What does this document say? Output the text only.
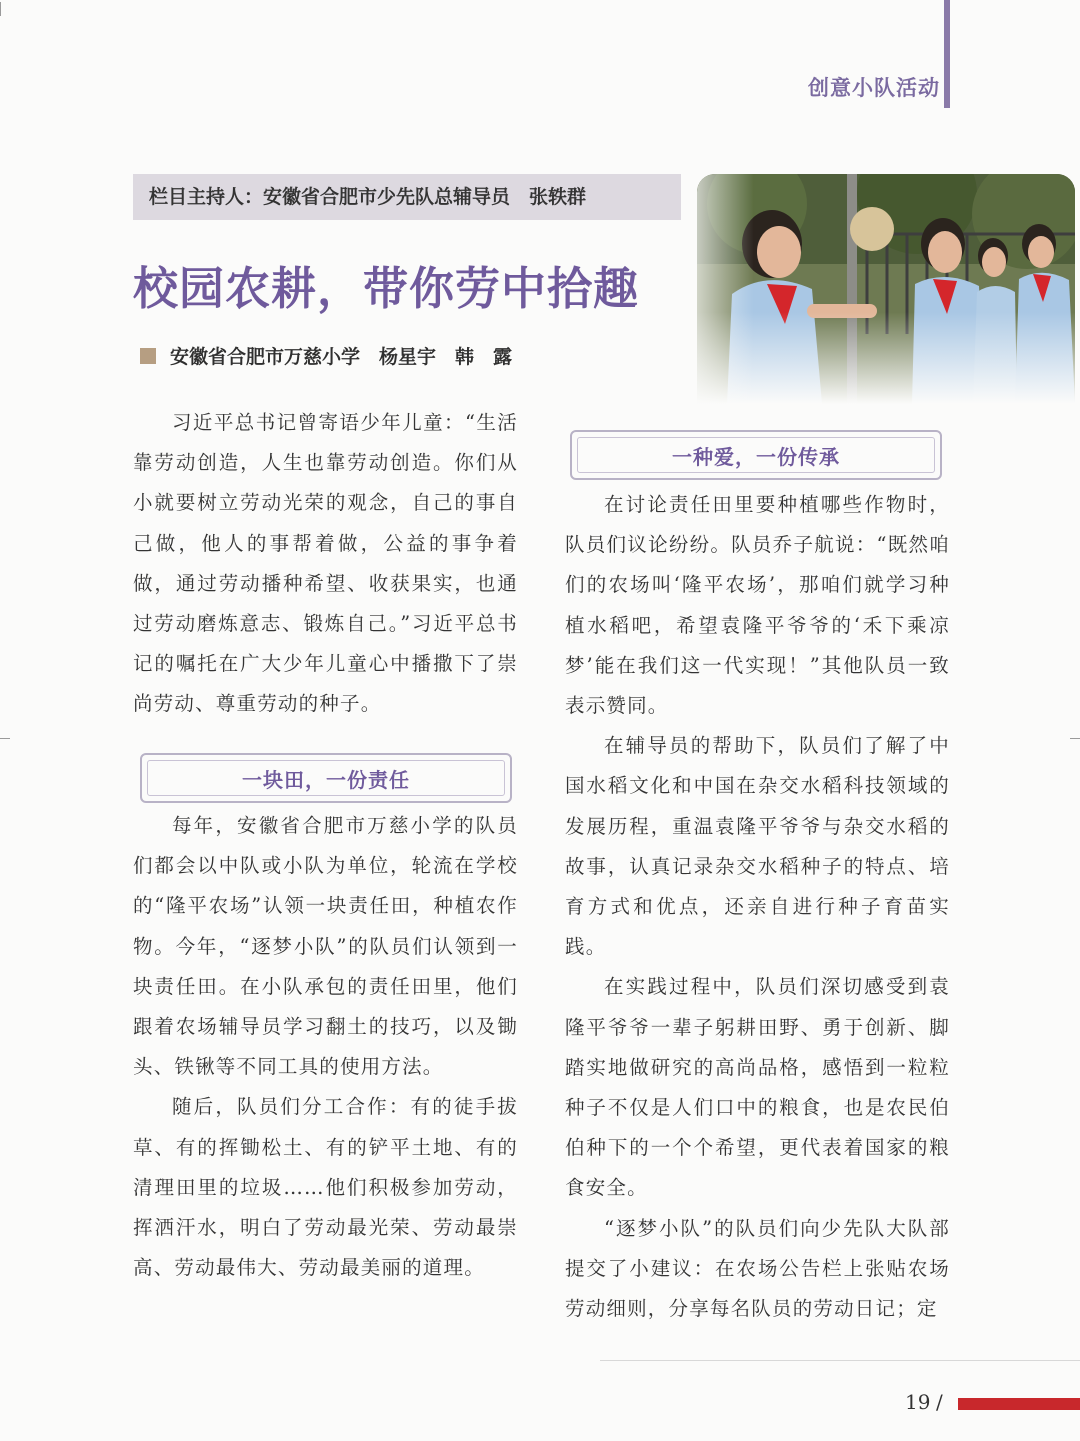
创意小队活动
栏目主持人：安徽省合肥市少先队总辅导员　张轶群
校园农耕，带你劳中拾趣
安徽省合肥市万慈小学　杨星宇　韩　露

习近平总书记曾寄语少年儿童：“生活靠劳动创造，人生也靠劳动创造。你们从小就要树立劳动光荣的观念，自己的事自己做，他人的事帮着做，公益的事争着做，通过劳动播种希望、收获果实，也通过劳动磨炼意志、锻炼自己。”习近平总书记的嘱托在广大少年儿童心中播撒下了崇尚劳动、尊重劳动的种子。

一块田，一份责任

每年，安徽省合肥市万慈小学的队员们都会以中队或小队为单位，轮流在学校的“隆平农场”认领一块责任田，种植农作物。今年，“逐梦小队”的队员们认领到一块责任田。在小队承包的责任田里，他们跟着农场辅导员学习翻土的技巧，以及锄头、铁锹等不同工具的使用方法。

随后，队员们分工合作：有的徒手拔草、有的挥锄松土、有的铲平土地、有的清理田里的垃圾……他们积极参加劳动，挥洒汗水，明白了劳动最光荣、劳动最崇高、劳动最伟大、劳动最美丽的道理。

一种爱，一份传承

在讨论责任田里要种植哪些作物时，队员们议论纷纷。队员乔子航说：“既然咱们的农场叫‘隆平农场’，那咱们就学习种植水稻吧，希望袁隆平爷爷的‘禾下乘凉梦’能在我们这一代实现！”其他队员一致表示赞同。

在辅导员的帮助下，队员们了解了中国水稻文化和中国在杂交水稻科技领域的发展历程，重温袁隆平爷爷与杂交水稻的故事，认真记录杂交水稻种子的特点、培育方式和优点，还亲自进行种子育苗实践。

在实践过程中，队员们深切感受到袁隆平爷爷一辈子躬耕田野、勇于创新、脚踏实地做研究的高尚品格，感悟到一粒粒种子不仅是人们口中的粮食，也是农民伯伯种下的一个个希望，更代表着国家的粮食安全。

“逐梦小队”的队员们向少先队大队部提交了小建议：在农场公告栏上张贴农场劳动细则，分享每名队员的劳动日记；定

19 /
